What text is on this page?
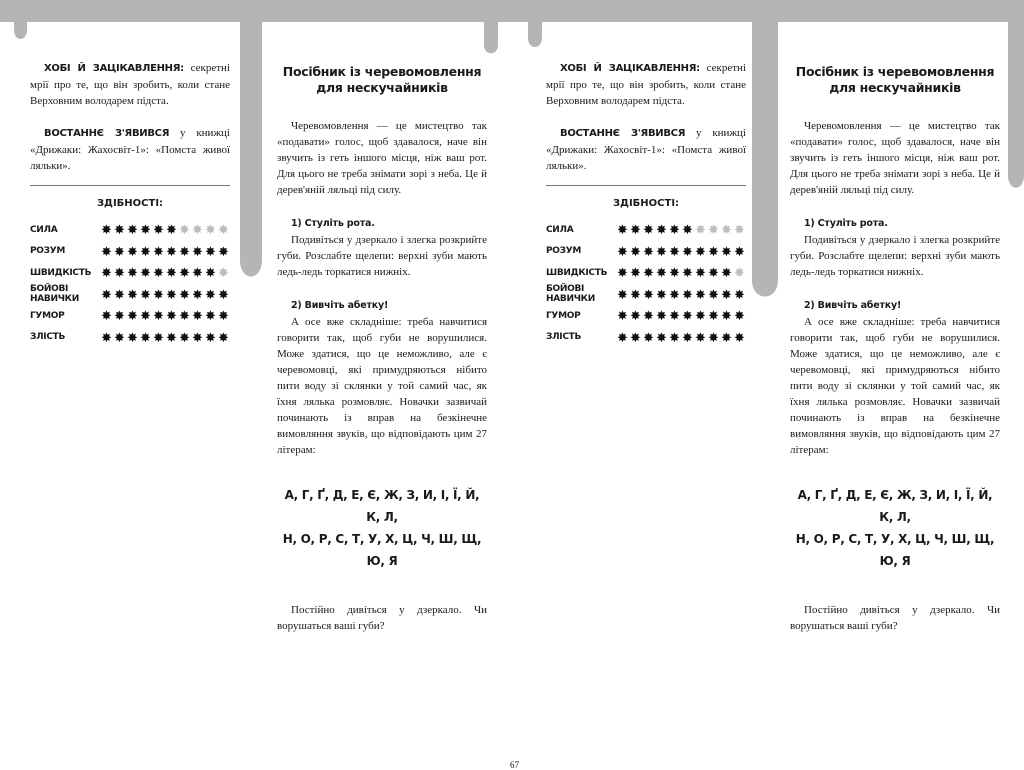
ХОБІ Й ЗАЦІКАВЛЕННЯ: секретні мрії про те, що він зробить, коли стане Верховним володарем підста.

ВОСТАННЄ З'ЯВИВСЯ у книжці «Дрижаки: Жахосвіт-1»: «Помста живої ляльки».

ЗДІБНОСТІ:
СИЛА	✸ ✸ ✸ ✸ ✸ ✸ ✸ ✸ ✸ ✸
РОЗУМ	✸ ✸ ✸ ✸ ✸ ✸ ✸ ✸ ✸ ✸
ШВИДКІСТЬ ✸ ✸ ✸ ✸ ✸ ✸ ✸ ✸ ✸ ✸
БОЙОВІ НАВИЧКИ	✸ ✸ ✸ ✸ ✸ ✸ ✸ ✸ ✸ ✸
ГУМОР	✸ ✸ ✸ ✸ ✸ ✸ ✸ ✸ ✸ ✸
ЗЛІСТЬ	✸ ✸ ✸ ✸ ✸ ✸ ✸ ✸ ✸ ✸
Посібник із черевомовлення
для нескучайників

Черевомовлення — це мистецтво так «подавати» голос, щоб здавалося, наче він звучить із геть іншого місця, ніж ваш рот. Для цього не треба знімати зорі з неба. Це й дерев'яній ляльці під силу.

1) Стуліть рота.

Подивіться у дзеркало і злегка розкрийте губи. Розслабте щелепи: верхні зуби мають ледь-ледь торкатися нижніх.

2) Вивчіть абетку!

А осе вже складніше: треба навчитися говорити так, щоб губи не ворушилися. Може здатися, що це неможливо, але є черевомовці, які примудряються нібито пити воду зі склянки у той самий час, як їхня лялька розмовляє. Новачки зазвичай починають із вправ на безкінечне вимовляння звуків, що відповідають цим 27 літерам:

А, Г, Ґ, Д, Е, Є, Ж, З, И, І, Ї, Й, К, Л,
Н, О, Р, С, Т, У, Х, Ц, Ч, Ш, Щ, Ю, Я

Постійно дивіться у дзеркало. Чи ворушаться ваші губи?

ХОБІ Й ЗАЦІКАВЛЕННЯ: секретні мрії про те, що він зробить, коли стане Верховним володарем підста.

ВОСТАННЄ З'ЯВИВСЯ у книжці «Дрижаки: Жахосвіт-1»: «Помста живої ляльки».

ЗДІБНОСТІ:
СИЛА	✸ ✸ ✸ ✸ ✸ ✸ ✸ ✸ ✸ ✸
РОЗУМ	✸ ✸ ✸ ✸ ✸ ✸ ✸ ✸ ✸ ✸
ШВИДКІСТЬ ✸ ✸ ✸ ✸ ✸ ✸ ✸ ✸ ✸ ✸
БОЙОВІ НАВИЧКИ	✸ ✸ ✸ ✸ ✸ ✸ ✸ ✸ ✸ ✸
ГУМОР	✸ ✸ ✸ ✸ ✸ ✸ ✸ ✸ ✸ ✸
ЗЛІСТЬ	✸ ✸ ✸ ✸ ✸ ✸ ✸ ✸ ✸ ✸
Посібник із черевомовлення
для нескучайників

Черевомовлення — це мистецтво так «подавати» голос, щоб здавалося, наче він звучить із геть іншого місця, ніж ваш рот. Для цього не треба знімати зорі з неба. Це й дерев'яній ляльці під силу.

1) Стуліть рота.

Подивіться у дзеркало і злегка розкрийте губи. Розслабте щелепи: верхні зуби мають ледь-ледь торкатися нижніх.

2) Вивчіть абетку!

А осе вже складніше: треба навчитися говорити так, щоб губи не ворушилися. Може здатися, що це неможливо, але є черевомовці, які примудряються нібито пити воду зі склянки у той самий час, як їхня лялька розмовляє. Новачки зазвичай починають із вправ на безкінечне вимовляння звуків, що відповідають цим 27 літерам:

А, Г, Ґ, Д, Е, Є, Ж, З, И, І, Ї, Й, К, Л,
Н, О, Р, С, Т, У, Х, Ц, Ч, Ш, Щ, Ю, Я

Постійно дивіться у дзеркало. Чи ворушаться ваші губи?

67
